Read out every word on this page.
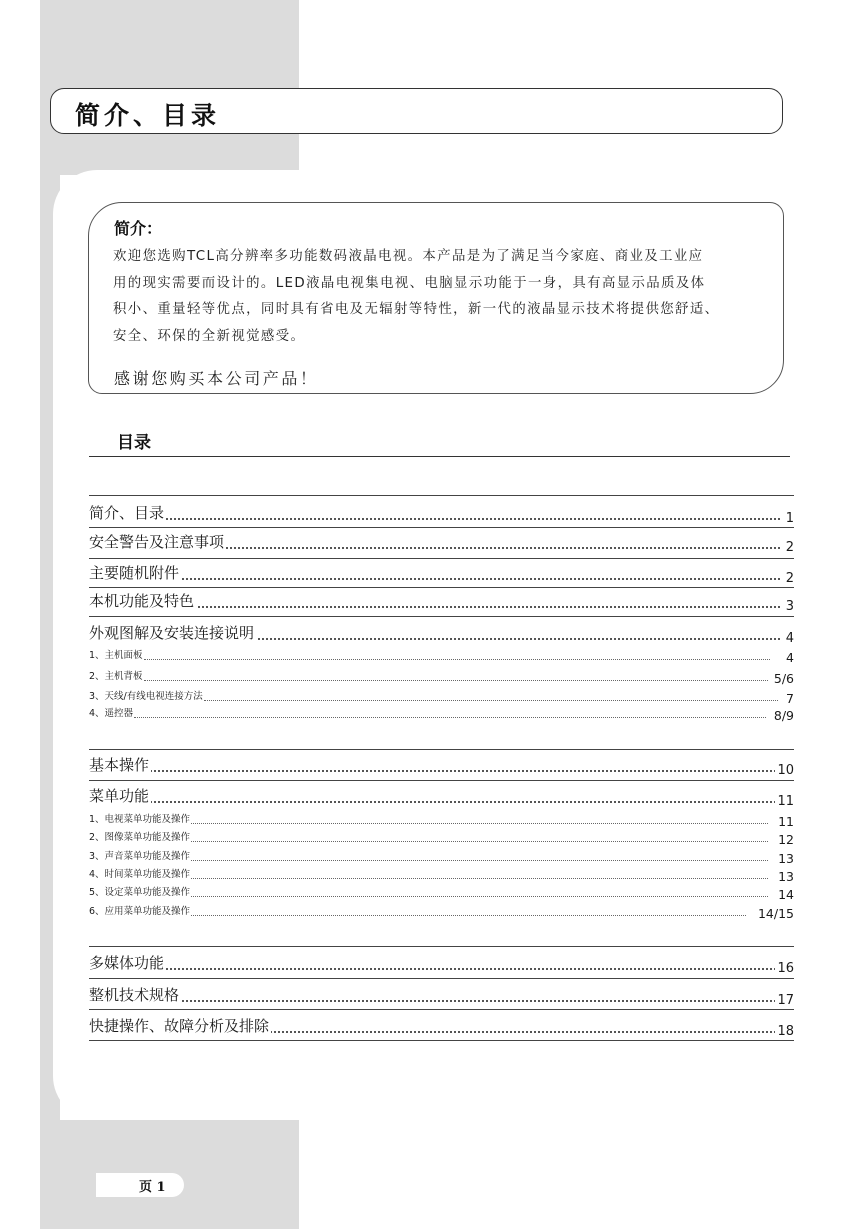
简介、目录
简介：
欢迎您选购TCL高分辨率多功能数码液晶电视。本产品是为了满足当今家庭、商业及工业应
用的现实需要而设计的。LED液晶电视集电视、电脑显示功能于一身，具有高显示品质及体
积小、重量轻等优点，同时具有省电及无辐射等特性，新一代的液晶显示技术将提供您舒适、
安全、环保的全新视觉感受。
感谢您购买本公司产品！
目录
简介、目录	1
安全警告及注意事项	2
主要随机附件	2
本机功能及特色	3
外观图解及安装连接说明	4
1、主机面板	4
2、主机背板	5/6
3、天线/有线电视连接方法	7
4、遥控器	8/9
基本操作	10
菜单功能	11
1、电视菜单功能及操作	11
2、图像菜单功能及操作	12
3、声音菜单功能及操作	13
4、时间菜单功能及操作	13
5、设定菜单功能及操作	14
6、应用菜单功能及操作	14/15
多媒体功能	16
整机技术规格	17
快捷操作、故障分析及排除	18
页 1
